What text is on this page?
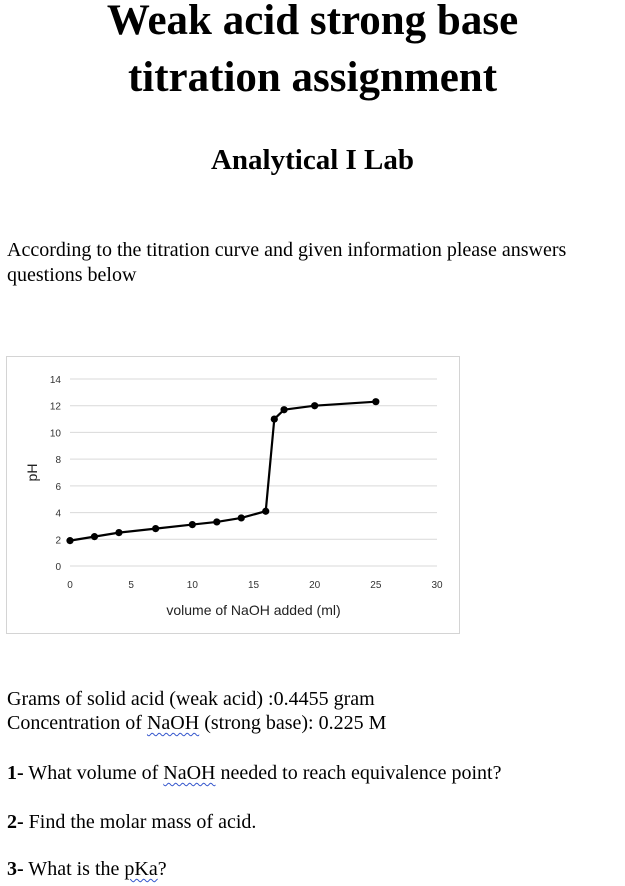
Weak acid strong base
titration assignment
Analytical I Lab
According to the titration curve and given information please answers questions below
0
2
4
6
8
10
12
14
0	5	10	15	20	25	30
volume of NaOH added (ml)
pH
Grams of solid acid (weak acid) :0.4455 gram
Concentration of NaOH (strong base): 0.225 M
1- What volume of NaOH needed to reach equivalence point?
2- Find the molar mass of acid.
3- What is the pKa?
